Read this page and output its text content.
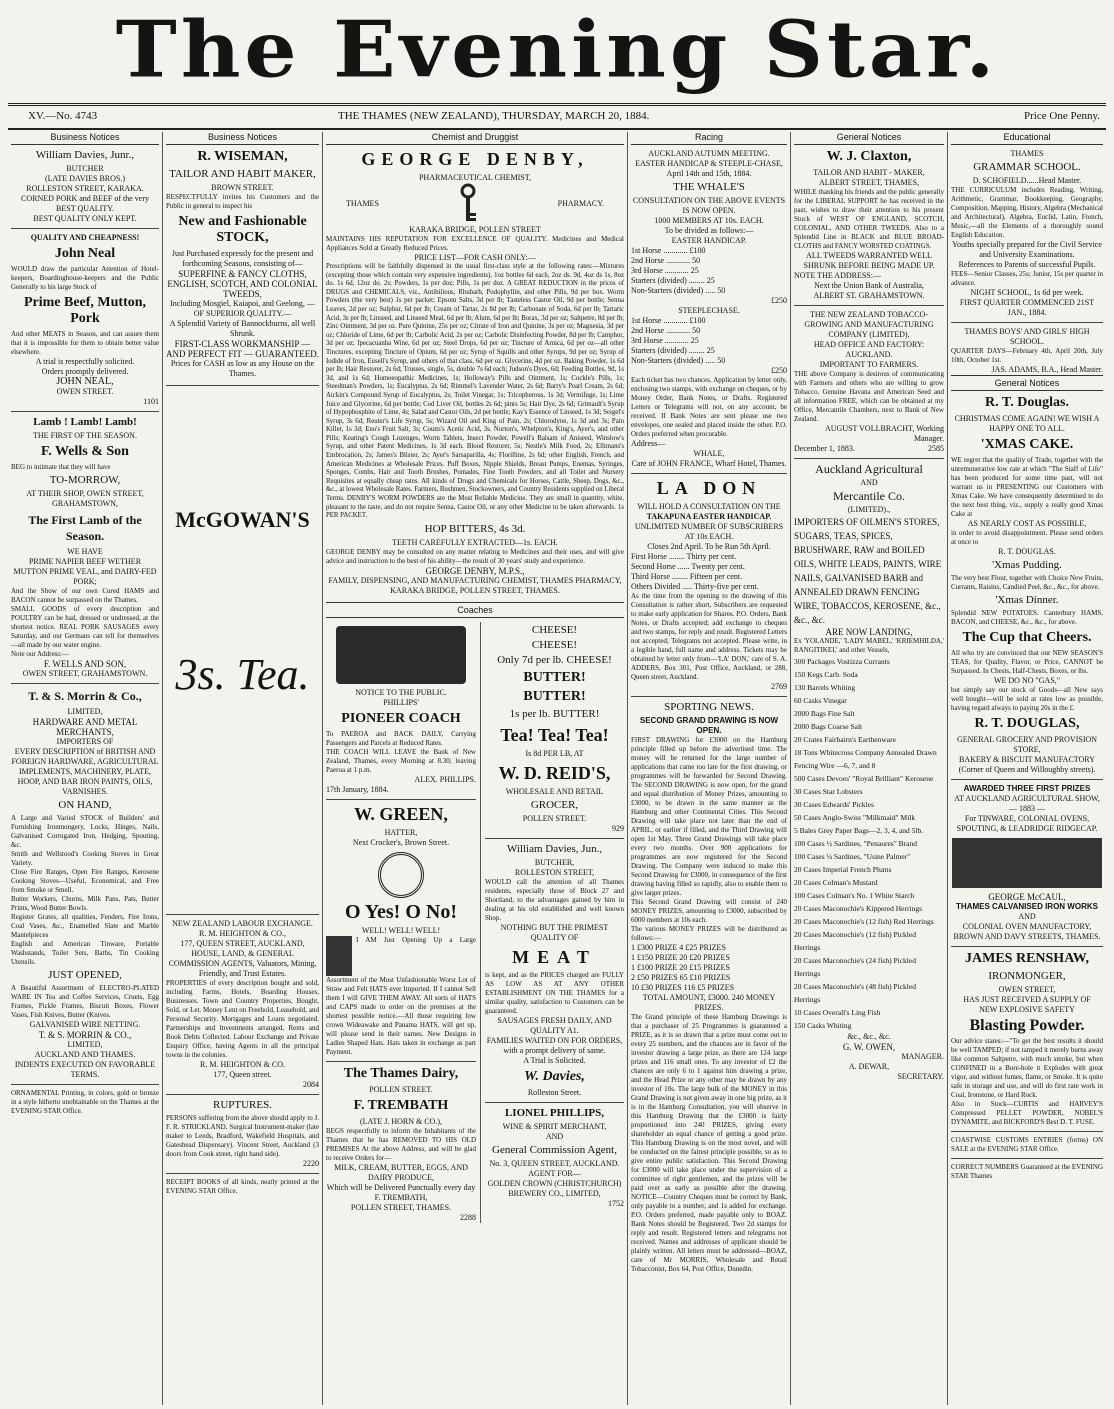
The Evening Star.
XV.—No. 4743	THE THAMES (NEW ZEALAND), THURSDAY, MARCH 20, 1884.	Price One Penny.
Business Notices
William Davies, Junr.,
BUTCHER
(LATE DAVIES BROS.)
ROLLESTON STREET, KARAKA.
CORNED PORK and BEEF of the very BEST QUALITY.
BEST QUALITY ONLY KEPT.
QUALITY AND CHEAPNESS!
John Neal
WOULD draw the particular Attention of Hotel-keepers, Boardinghouse-keepers and the Public Generally to his large Stock of
Prime Beef, Mutton, Pork
And other MEATS in Season, and can assure them that it is impossible for them to obtain better value elsewhere.
A trial is respectfully solicited.
Orders promptly delivered.
JOHN NEAL,
OWEN STREET.
1101
Lamb ! Lamb! Lamb!
THE FIRST OF THE SEASON.
F. Wells & Son
BEG to intimate that they will have
TO-MORROW,
AT THEIR SHOP, OWEN STREET, GRAHAMSTOWN,
The First Lamb of the Season.
WE HAVE
PRIME NAPIER BEEF WETHER MUTTON PRIME VEAL, and DAIRY-FED PORK;
And the Show of our own Cured HAMS and BACON cannot be surpassed on the Thames.
SMALL GOODS of every description and POULTRY can be had, dressed or undressed, at the shortest notice. REAL PORK SAUSAGES every Saturday, and our Germans can tell for themselves —all made by our water engine.
Note our Address:—
F. WELLS AND SON,
OWEN STREET, GRAHAMSTOWN.
T. & S. Morrin & Co.,
LIMITED,
HARDWARE AND METAL MERCHANTS,
IMPORTERS OF
EVERY DESCRIPTION of BRITISH AND FOREIGN HARDWARE, AGRICULTURAL IMPLEMENTS, MACHINERY, PLATE, HOOP, AND BAR IRON PAINTS, OILS, VARNISHES.
ON HAND,
A Large and Varied STOCK of Builders' and Furnishing Ironmongery, Locks, Hinges, Nails, Galvanised Corrugated Iron, Hedging, Spouting, &c.
Smith and Wellstood's Cooking Stoves in Great Variety.
Close Fire Ranges, Open Fire Ranges, Kerosene Cooking Stoves—Useful, Economical, and Free from Smoke or Smell.
Butter Workers, Churns, Milk Pans, Pats, Butter Prints, Wood Butter Bowls.
Register Grates, all qualities, Fenders, Fire Irons, Coal Vases, &c., Enamelled Slate and Marble Mantelpieces
English and American Tinware, Portable Washstands, Toilet Sets, Baths, Tin Cooking Utensils.
JUST OPENED,
A Beautiful Assortment of ELECTRO-PLATED WARE IN Tea and Coffee Services, Cruets, Egg Frames, Pickle Frames, Biscuit Boxes, Flower Vases, Fish Knives, Butter (Knives.
GALVANISED WIRE NETTING.
T. & S. MORRIN & CO.,
LIMITED,
AUCKLAND AND THAMES.
INDENTS EXECUTED ON FAVORABLE TERMS.
ORNAMENTAL Printing, in colors, gold or bronze in a style hitherto unobtainable on the Thames at the EVENING STAR Office.
Business Notices
R. WISEMAN,
TAILOR AND HABIT MAKER,
BROWN STREET.
RESPECTFULLY invites his Customers and the Public in general to inspect his
New and Fashionable STOCK,
Just Purchased expressly for the present and forthcoming Seasons, consisting of—
SUPERFINE & FANCY CLOTHS, ENGLISH, SCOTCH, AND COLONIAL TWEEDS,
Including Mosgiel, Kaiapoi, and Geelong, —OF SUPERIOR QUALITY.—
A Splendid Variety of Bannockburns, all well Shrunk.
FIRST-CLASS WORKMANSHIP — AND PERFECT FIT — GUARANTEED.
Prices for CASH as low as any House on the Thames.
McGOWAN'S
3s. Tea.
NEW ZEALAND LABOUR EXCHANGE.
R. M. HEIGHTON & CO.,
177, QUEEN STREET, AUCKLAND,
HOUSE, LAND, & GENERAL COMMISSION AGENTS, Valuators, Mining, Friendly, and Trust Estates.
PROPERTIES of every description bought and sold, including Farms, Hotels, Boarding Houses, Businesses. Town and Country Properties, Bought, Sold, or Let. Money Lent on Freehold, Leasehold, and Personal Security. Mortgages and Loans negotiated. Partnerships and Investments arranged, Rents and Book Debts Collected. Labour Exchange and Private Enquiry Office, having Agents in all the principal towns in the colonies.
R. M. HEIGHTON & CO.
177, Queen street.
2084
RUPTURES.
PERSONS suffering from the above should apply to J. F. R. STRICKLAND, Surgical Instrument-maker (late maker to Leeds, Bradford, Wakefield Hospitals, and Gateshead Dispensary). Vincent Street, Auckland (3 doors from Cook street, right hand side).
2220
RECEIPT BOOKS of all kinds, neatly printed at the EVENING STAR Office.
Chemist and Druggist
GEORGE DENBY,
PHARMACEUTICAL CHEMIST,
THAMES	PHARMACY.
KARAKA BRIDGE, POLLEN STREET
MAINTAINS HIS REPUTATION FOR EXCELLENCE OF QUALITY. Medicines and Medical Appliances Sold at Greatly Reduced Prices.
PRICE LIST—FOR CASH ONLY:—
Prescriptions will be faithfully dispensed in the usual first-class style at the following rates:—Mixtures (excepting those which contain very expensive ingredients), 1oz bottles 6d each, 2oz ds. 9d, 4oz ds 1s, 8oz do. 1s 6d, 12oz do. 2s; Powders, 1s per doz; Pills, 1s per doz. A GREAT REDUCTION in the prices of DRUGS and CHEMICALS, viz., Antibilious, Rhubarb, Podophyllin, and other Pills, 9d per box. Worm Powders (the very best) 1s per packet; Epsom Salts, 3d per lb; Tasteless Castor Oil, 9d per bottle; Senna Leaves, 2d per oz; Sulphur, 6d per lb; Cream of Tartar, 2s 8d per lb; Carbonate of Soda, 6d per lb; Tartaric Acid, 3s per lb; Linseed, and Linseed Meal, 6d per lb; Alum, 6d per lb; Borax, 3d per oz; Saltpetre, 8d per lb; Zinc Ointment, 3d per oz. Pure Quinine, 25s per oz; Citrate of Iron and Quinine, 3s per oz; Magnesia, 3d per oz; Chloride of Lime, 6d per lb; Carbolic Acid, 2s per oz; Carbolic Disinfecting Powder, 8d per lb; Camphor, 3d per oz; Ipecacuanha Wine, 6d per oz; Steel Drops, 6d per oz; Tincture of Arnica, 6d per oz—all other Tinctures, excepting Tincture of Opium, 6d per oz; Syrup of Squills and other Syrups, 9d per oz; Syrup of Iodide of Iron, Eusell's Syrup, and others of that class, 6d per oz. Glycerine, 4d per oz. Baking Powder, 1s 6d per lb; Hair Restorer, 2s 6d; Trusses, single, 5s, double 7s 6d each; Judson's Dyes, 6d; Feeding Bottles, 9d, 1s 3d, and 1s 6d; Homoeopathic Medicines, 1s; Holloway's Pills and Ointment, 1s; Cockle's Pills, 1s; Steedman's Powders, 1s; Eucalyptus, 2s 6d; Rimmel's Lavender Water, 2s 6d; Barry's Pearl Cream, 2s 6d; Aickin's Compound Syrup of Eucalyptus, 2s; Toilet Vinegar, 1s; Tricopherous, 1s 3d; Vermifuge, 1s; Lime Juice and Glycerine, 6d per bottle; Cod Liver Oil, bottles 2s 6d; pints 5s; Hair Dye, 2s 6d; Grimault's Syrup of Hypophosphite of Lime, 4s; Salad and Castor Oils, 2d per bottle; Kay's Essence of Linseed, 1s 3d; Seigel's Syrup, 3s 6d; Reuter's Life Syrup, 5s; Wizard Oil and King of Pain, 2s; Chlorodyne, 1s 3d and 3s; Pain Killer, 1s 3d; Eno's Fruit Salt, 3s; Coutts's Acetic Acid, 3s. Norton's, Whelpton's, King's, Ayer's, and other Pills; Keating's Cough Lozenges, Worm Tablets, Insect Powder, Powell's Balsam of Aniseed, Winslow's Syrup, and other Patent Medicines, 1s 3d each. Blood Restorer, 5s; Nestle's Milk Food, 2s; Ellimans's Embrocation, 2s; James's Blister, 2s; Ayer's Sarsaparilla, 4s; Florilline, 2s 6d; other English, French, and American Medicines at Wholesale Prices. Puff Boxes, Nipple Shields, Breast Pumps, Enemas, Syringes, Sponges, Combs, Hair and Tooth Brushes, Pomades, Fine Tooth Powders, and all Toilet and Nursery Requisites at equally cheap rates. All kinds of Drugs and Chemicals for Horses, Cattle, Sheep, Dogs, &c., &c., at lowest Wholesale Rates. Farmers, Bushmen, Stockowners, and Country Residents supplied on Liberal Terms. DENBY'S WORM POWDERS are the Most Reliable Medicine. They are small in quantity, white, pleasant to the taste, and do not require Senna, Castor Oil, or any other Medicine to be taken afterwards. 1s PER PACKET.
HOP BITTERS, 4s 3d.
TEETH CAREFULLY EXTRACTED—1s. EACH.
GEORGE DENBY may be consulted on any matter relating to Medicines and their uses, and will give advice and instruction to the best of his ability—the result of 30 years' study and experience.
GEORGE DENBY, M.P.S.,
FAMILY, DISPENSING, AND MANUFACTURING CHEMIST, THAMES PHARMACY,
KARAKA BRIDGE, POLLEN STREET, THAMES.
Coaches
NOTICE TO THE PUBLIC.
PHILLIPS'
PIONEER COACH
To PAEROA and BACK DAILY, Carrying Passengers and Parcels at Reduced Rates.
THE COACH WILL LEAVE the Bank of New Zealand, Thames, every Morning at 8.30; leaving Paeroa at 1 p.m.
ALEX. PHILLIPS.
17th January, 1884.
W. GREEN,
HATTER,
Next Crocker's, Brown Street.
O Yes! O No!
WELL! WELL! WELL!
I AM Just Opening Up a Large Assortment of the Most Unfashionable Worst Lot of Straw and Felt HATS ever Imported. If I cannot Sell them I will GIVE THEM AWAY. All sorts of HATS and CAPS made to order on the premises at the shortest possible notice.—All those requiring low crown Wideawake and Panama HATS, will get up, will please send in their names. New Designs in Ladies Shaped Hats. Hats taken in exchange as part Payment.
The Thames Dairy,
POLLEN STREET.
F. TREMBATH
(LATE J. HORN & CO.),
BEGS respectfully to inform the Inhabitants of the Thames that he has REMOVED TO HIS OLD PREMISES At the above Address, and will be glad to receive Orders for—
MILK, CREAM, BUTTER, EGGS, AND DAIRY PRODUCE,
Which will be Delivered Punctually every day
F. TREMBATH,
POLLEN STREET, THAMES.
2288
CHEESE!
CHEESE!
Only 7d per lb. CHEESE!
BUTTER!
BUTTER!
1s per lb. BUTTER!
Tea! Tea! Tea!
Is 8d PER LB, AT
W. D. REID'S,
WHOLESALE AND RETAIL
GROCER,
POLLEN STREET.
929
William Davies, Jun.,
BUTCHER,
ROLLESTON STREET,
WOULD call the attention of all Thames residents, especially those of Block 27 and Shortland, to the advantages gained by him in dealing at his old established and well known Shop.
NOTHING BUT THE PRIMEST QUALITY OF
MEAT
is kept, and as the PRICES charged are FULLY AS LOW AS AT ANY OTHER ESTABLISHMENT ON THE THAMES for a similar quality, satisfaction to Customers can be guaranteed.
SAUSAGES FRESH DAILY, AND QUALITY A1.
FAMILIES WAITED ON FOR ORDERS, with a prompt delivery of same.
A Trial is Solicited.
W. Davies,
Rolleston Street.
LIONEL PHILLIPS,
WINE & SPIRIT MERCHANT,
AND
General Commission Agent,
No. 3, QUEEN STREET, AUCKLAND.
AGENT FOR—
GOLDEN CROWN (CHRISTCHURCH) BREWERY CO., LIMITED,
1752
Racing
AUCKLAND AUTUMN MEETING.
EASTER HANDICAP & STEEPLE-CHASE,
April 14th and 15th, 1884.
THE WHALE'S
CONSULTATION ON THE ABOVE EVENTS IS NOW OPEN.
1000 MEMBERS AT 10s. EACH.
To be divided as follows:—
EASTER HANDICAP.
1st Horse ............ £100
2nd Horse ............ 50
3rd Horse ............ 25
Starters (divided) ........ 25
Non-Starters (divided) ..... 50
£250
STEEPLECHASE.
1st Horse ............ £100
2nd Horse ............ 50
3rd Horse ............ 25
Starters (divided) ........ 25
Non-Starters (divided) ..... 50
£250
Each ticket has two chances. Application by letter only, enclosing two stamps, with exchange on cheques, or by Money Order, Bank Notes, or Drafts. Registered Letters or Telegrams will not, on any account, be received. If Bank Notes are sent please use two envelopes, one sealed and placed inside the other. P.O. Orders preferred when procurable.
Address—
WHALE,
Care of JOHN FRANCE, Wharf Hotel, Thames.
LA DON
WILL HOLD A CONSULTATION ON THE
TAKAPUNA EASTER HANDICAP.
UNLIMITED NUMBER OF SUBSCRIBERS AT 10s EACH.
Closes 2nd April. To be Run 5th April.
First Horse ........ Thirty per cent.
Second Horse ...... Twenty per cent.
Third Horse ........ Fifteen per cent.
Others Divided ..... Thirty-five per cent.
As the time from the opening to the drawing of this Consultation is rather short, Subscribers are requested to make early application for Shares. P.O. Orders, Bank Notes, or Drafts accepted; add exchange to cheques and two stamps, for reply and result. Registered Letters not accepted; Telegrams not accepted. Please write, in a legible hand, full name and address. Tickets may be obtained by letter only from—'LA' DON,' care of S. A. ADDERS, Box 301, Post Office, Auckland, or 288, Queen street, Auckland.
2769
SPORTING NEWS.
SECOND GRAND DRAWING IS NOW OPEN.
FIRST DRAWING for £3000 on the Hamburg principle filled up before the advertised time. The money will be returned for the large number of applications that came too late for the first drawing, or programmes will be forwarded for Second Drawing. The SECOND DRAWING is now open, for the grand and equal distribution of Money Prizes, amounting to £3000, to be drawn in the same manner as the Hamburg and other Continental Cities. This Second Drawing will take place not later than the end of APRIL, or earlier if filled, and the Third Drawing will open 1st May. Three Grand Drawings will take place every two months. Over 900 applications for programmes are now registered for the Second Drawing. The Company were induced to make this Second Drawing for £3000, in consequence of the first drawing having filled so rapidly, also to enable them to give larger prizes.
This Second Grand Drawing will consist of 240 MONEY PRIZES, amounting to £3000, subscribed by 6000 members at 10s each.
The various MONEY PRIZES will be distributed as follows:—
1 £300 PRIZE 4 £25 PRIZES
1 £150 PRIZE 20 £20 PRIZES
1 £100 PRIZE 20 £15 PRIZES
2 £50 PRIZES 65 £10 PRIZES
10 £30 PRIZES 116 £5 PRIZES
TOTAL AMOUNT, £3000. 240 MONEY PRIZES.
The Grand principle of these Hamburg Drawings is that a purchaser of 25 Programmes is guaranteed a PRIZE, as it is so drawn that a prize must come out to every 25 numbers, and the chances are in favor of the investor drawing a large prize, as there are 124 large prizes and 116 small ones. To any investor of £2 the chances are only 6 to 1 against him drawing a prize, and the Head Prize or any other may be drawn by any investor of 10s. The large bulk of the MONEY in this Grand Drawing is not given away in one big prize, as it is in the Hamburg Consultation, you will observe in this Hamburg Drawing that the £3000 is fairly proportioned into 240 PRIZES, giving every shareholder an equal chance of getting a good prize. This Hamburg Drawing is on the most novel, and will be conducted on the fairest principle possible, so as to give entire public satisfaction. This Second Drawing for £3000 will take place under the supervision of a committee of right gentlemen, and the prizes will be paid over as early as possible after the drawing. NOTICE—Country Cheques must be correct by Bank, only payable to a number, and 1s added for exchange. P.O. Orders preferred, made payable only to BOAZ. Bank Notes should be Registered. Two 2d stamps for reply and result. Registered letters and telegrams not received. Names and addresses of applicant should be plainly written. All letters must be addressed—BOAZ, care of Mr MORRIS, Wholesale and Retail Tobacconist, Box 64, Post Office, Dunedin.
General Notices
W. J. Claxton,
TAILOR AND HABIT - MAKER,
ALBERT STREET, THAMES,
WHILE thanking his friends and the public generally for the LIBERAL SUPPORT he has received in the past, wishes to draw their attention to his present Stock of WEST OF ENGLAND, SCOTCH, COLONIAL, AND OTHER TWEEDS. Also to a Splendid Line in BLACK and BLUE BROAD-CLOTHS and FANCY WORSTED COATINGS.
ALL TWEEDS WARRANTED WELL SHRUNK BEFORE BEING MADE UP.
NOTE THE ADDRESS:—
Next the Union Bank of Australia,
ALBERT ST. GRAHAMSTOWN.
THE NEW ZEALAND TOBACCO-GROWING AND MANUFACTURING COMPANY (LIMITED).
HEAD OFFICE AND FACTORY: AUCKLAND.
IMPORTANT TO FARMERS.
THE above Company is desirous of communicating with Farmers and others who are willing to grow Tobacco. Genuine Havana and American Seed and all information FREE, which can be obtained at my Office, Mercantile Chambers, next to Bank of New Zealand.
AUGUST VOLLBRACHT, Working Manager.
December 1, 1883.	2585
Auckland Agricultural
AND
Mercantile Co.
(LIMITED).,
IMPORTERS OF OILMEN'S STORES, SUGARS, TEAS, SPICES, BRUSHWARE, RAW and BOILED OILS, WHITE LEADS, PAINTS, WIRE NAILS, GALVANISED BARB and ANNEALED DRAWN FENCING WIRE, TOBACCOS, KEROSENE, &c., &c., &c.
ARE NOW LANDING,
Ex 'YOLANDE,' 'LADY MABEL,' 'KRIEMHILDA,' RANGITIKEI,' and other Vessels,
300 Packages Vostizza Currants
150 Kegs Carb. Soda
130 Barrels Whiting
60 Casks Vinegar
2000 Bags Fine Salt
2000 Bags Coarse Salt
20 Crates Fairbairn's Earthenware
18 Tons Whitecross Company Annealed Drawn Fencing Wire —6, 7, and 8
500 Cases Devoes' "Royal Brilliant" Kerosene
30 Cases Star Lobsters
30 Cases Edwards' Pickles
50 Cases Anglo-Swiss "Milkmaid" Milk
5 Bales Grey Paper Bags—2, 3, 4, and 5lb.
100 Cases ½ Sardines, "Penaures" Brand
100 Cases ¼ Sardines, "Usine Palmer"
20 Cases Imperial French Plums
20 Cases Colman's Mustard
100 Cases Colman's No. 1 White Starch
20 Cases Maconochie's Kippered Herrings
20 Cases Maconochie's (12 fish) Red Herrings
20 Cases Maconochie's (12 fish) Pickled Herrings
20 Cases Maconochie's (24 fish) Pickled Herrings
20 Cases Maconochie's (48 fish) Pickled Herrings
10 Cases Overall's Ling Fish
150 Casks Whiting
&c., &c., &c.
G. W. OWEN,
MANAGER.
A. DEWAR,
SECRETARY.
Educational
THAMES
GRAMMAR SCHOOL.
D. SCHOFIELD......Head Master.
THE CURRICULUM includes Reading, Writing, Arithmetic, Grammar, Bookkeeping, Geography, Composition, Mapping, History, Algebra (Mechanical and Architectural), Algebra, Euclid, Latin, French, Music,—all the Elements of a thoroughly sound English Education.
Youths specially prepared for the Civil Service and University Examinations.
References to Parents of successful Pupils.
FEES—Senior Classes, 25s; Junior, 15s per quarter in advance.
NIGHT SCHOOL, 1s 6d per week.
FIRST QUARTER COMMENCED 21ST JAN., 1884.
THAMES BOYS' AND GIRLS' HIGH SCHOOL.
QUARTER DAYS—February 4th, April 20th, July 10th, October 1st.
JAS. ADAMS, B.A., Head Master.
General Notices
R. T. Douglas.
CHRISTMAS COME AGAIN! WE WISH A HAPPY ONE TO ALL.
'XMAS CAKE.
WE regret that the quality of Trade, together with the unremunerative low rate at which "The Staff of Life" has been produced for some time past, will not warrant us in PRESENTING our Customers with Xmas Cake. We have consequently determined to do the next best thing, viz., supply a really good Xmas Cake at
AS NEARLY COST AS POSSIBLE,
in order to avoid disappointment. Please send orders at once to
R. T. DOUGLAS.
'Xmas Pudding.
The very best Flour, together with Choice New Fruits, Currants, Raisins, Candied Peel, &c., &c., for above.
'Xmas Dinner.
Splendid NEW POTATOES. Canterbury HAMS, BACON, and CHEESE, &c., &c., for above.
The Cup that Cheers.
All who try are convinced that our NEW SEASON'S TEAS, for Quality, Flavor, or Price, CANNOT be Surpassed. In Chests, Half-Chests, Boxes, or lbs.
WE DO NO "GAS,"
but simply say our stock of Goods—all New says well bought—will be sold at rates low as possible, having regard always to paying 20s in the £.
R. T. DOUGLAS,
GENERAL GROCERY AND PROVISION STORE,
BAKERY & BISCUIT MANUFACTORY
(Corner of Queen and Willoughby streets).
AWARDED THREE FIRST PRIZES
AT AUCKLAND AGRICULTURAL SHOW,
— 1883 —
For TINWARE, COLONIAL OVENS, SPOUTING, & LEADRIDGE RIDGECAP.
GEORGE McCAUL,
THAMES CALVANISED IRON WORKS
AND
COLONIAL OVEN MANUFACTORY,
BROWN AND DAVY STREETS, THAMES.
JAMES RENSHAW,
IRONMONGER,
OWEN STREET,
HAS JUST RECEIVED A SUPPLY OF
NEW EXPLOSIVE SAFETY
Blasting Powder.
Our advice states:—"To get the best results it should be well TAMPED; if not tamped it merely burns away like common Saltpetre, with much smoke, but when CONFINED in a Bore-hole it Explodes with great vigor, and without fumes, flame, or Smoke. It is quite safe in storage and use, and will do first rate work in Coal, Ironstone, or Hard Rock.
Also in Stock—CURTIS and HARVEY'S Compressed PELLET POWDER, NOBEL'S DYNAMITE, and BICKFORD'S Best D. T. FUSE.
COASTWISE CUSTOMS ENTRIES (forms) ON SALE at the EVENING STAR Office.
CORRECT NUMBERS Guaranteed at the EVENING STAR Thames
